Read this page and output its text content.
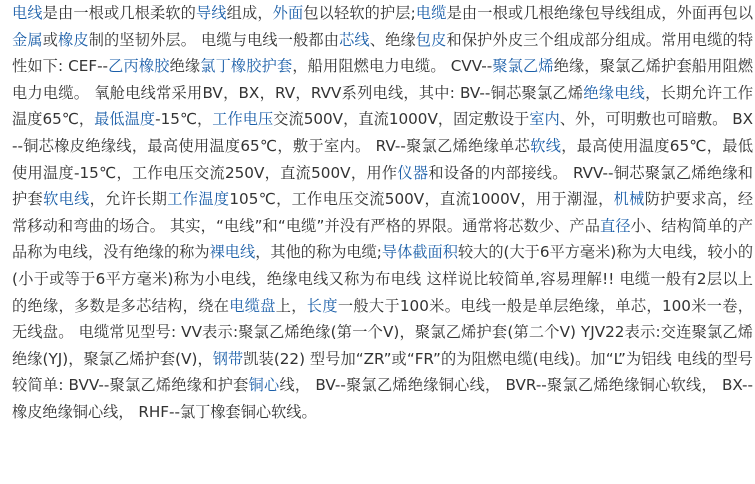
电线是由一根或几根柔软的导线组成，外面包以轻软的护层;电缆是由一根或几根绝缘包导线组成，外面再包以金属或橡皮制的坚韧外层。 电缆与电线一般都由芯线、绝缘包皮和保护外皮三个组成部分组成。常用电缆的特性如下: CEF--乙丙橡胶绝缘氯丁橡胶护套，船用阻燃电力电缆。 CVV--聚氯乙烯绝缘，聚氯乙烯护套船用阻燃电力电缆。 氧舱电线常采用BV，BX，RV，RVV系列电线，其中: BV--铜芯聚氯乙烯绝缘电线，长期允许工作温度65℃，最低温度-15℃，工作电压交流500V，直流1000V，固定敷设于室内、外，可明敷也可暗敷。 BX--铜芯橡皮绝缘线，最高使用温度65℃，敷于室内。 RV--聚氯乙烯绝缘单芯软线，最高使用温度65℃，最低使用温度-15℃，工作电压交流250V，直流500V，用作仪器和设备的内部接线。 RVV--铜芯聚氯乙烯绝缘和护套软电线，允许长期工作温度105℃，工作电压交流500V，直流1000V，用于潮湿，机械防护要求高，经常移动和弯曲的场合。 其实，“电线”和“电缆”并没有严格的界限。通常将芯数少、产品直径小、结构简单的产品称为电线，没有绝缘的称为裸电线，其他的称为电缆;导体截面积较大的(大于6平方毫米)称为大电线，较小的(小于或等于6平方毫米)称为小电线，绝缘电线又称为布电线 这样说比较简单,容易理解!! 电缆一般有2层以上的绝缘，多数是多芯结构，绕在电缆盘上，长度一般大于100米。电线一般是单层绝缘，单芯，100米一卷，无线盘。 电缆常见型号: VV表示:聚氯乙烯绝缘(第一个V)，聚氯乙烯护套(第二个V) YJV22表示:交连聚氯乙烯绝缘(YJ)，聚氯乙烯护套(V)，钢带凯装(22) 型号加“ZR”或“FR”的为阻燃电缆(电线)。加“L”为铝线 电线的型号较简单: BVV--聚氯乙烯绝缘和护套铜心线， BV--聚氯乙烯绝缘铜心线， BVR--聚氯乙烯绝缘铜心软线， BX--橡皮绝缘铜心线， RHF--氯丁橡套铜心软线。
